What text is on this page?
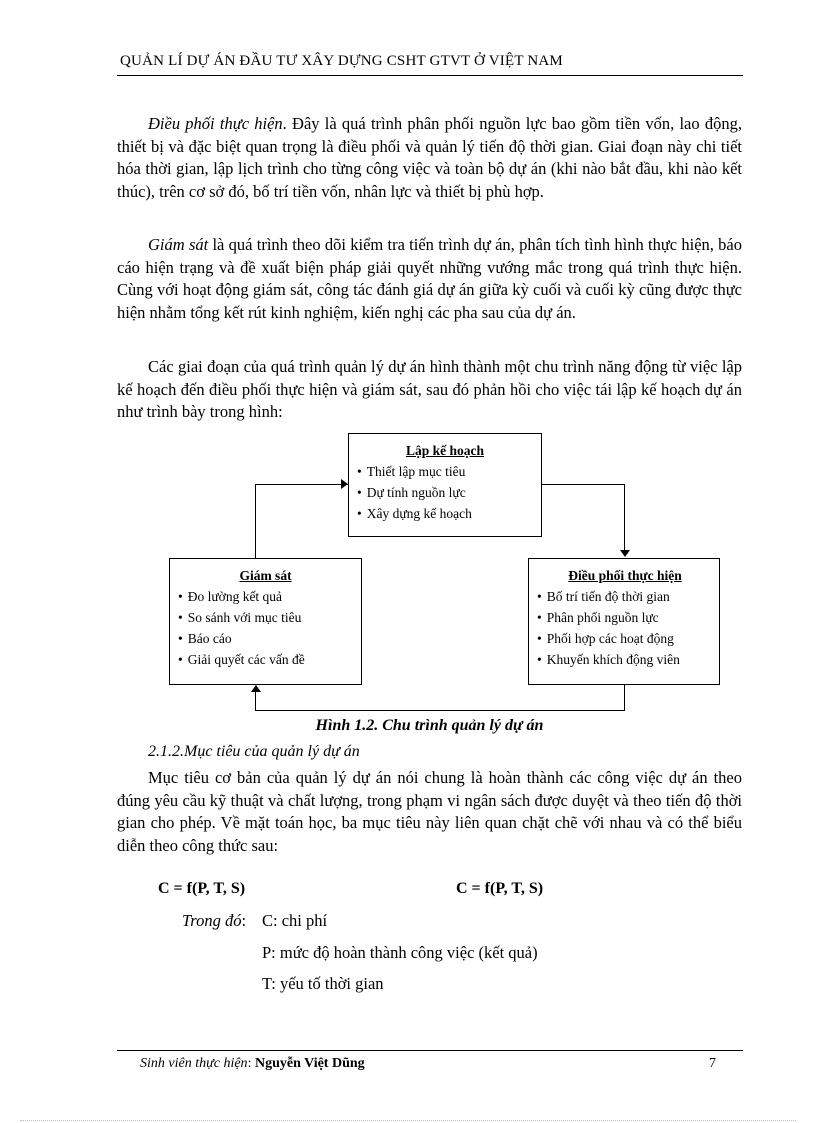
QUẢN LÍ DỰ ÁN ĐẦU TƯ XÂY DỰNG CSHT GTVT Ở VIỆT NAM

Điều phối thực hiện. Đây là quá trình phân phối nguồn lực bao gồm tiền vốn, lao động, thiết bị và đặc biệt quan trọng là điều phối và quản lý tiến độ thời gian. Giai đoạn này chi tiết hóa thời gian, lập lịch trình cho từng công việc và toàn bộ dự án (khi nào bắt đầu, khi nào kết thúc), trên cơ sở đó, bố trí tiền vốn, nhân lực và thiết bị phù hợp.

Giám sát là quá trình theo dõi kiểm tra tiến trình dự án, phân tích tình hình thực hiện, báo cáo hiện trạng và đề xuất biện pháp giải quyết những vướng mắc trong quá trình thực hiện. Cùng với hoạt động giám sát, công tác đánh giá dự án giữa kỳ cuối và cuối kỳ cũng được thực hiện nhằm tổng kết rút kinh nghiệm, kiến nghị các pha sau của dự án.

Các giai đoạn của quá trình quản lý dự án hình thành một chu trình năng động từ việc lập kế hoạch đến điều phối thực hiện và giám sát, sau đó phản hồi cho việc tái lập kế hoạch dự án như trình bày trong hình:

Lập kế hoạch
• Thiết lập mục tiêu
• Dự tính nguồn lực
• Xây dựng kế hoạch
Giám sát
• Đo lường kết quả
• So sánh với mục tiêu
• Báo cáo
• Giải quyết các vấn đề
Điều phối thực hiện
• Bố trí tiến độ thời gian
• Phân phối nguồn lực
• Phối hợp các hoạt động
• Khuyến khích động viên
Hình 1.2. Chu trình quản lý dự án
2.1.2.Mục tiêu của quản lý dự án

Mục tiêu cơ bản của quản lý dự án nói chung là hoàn thành các công việc dự án theo đúng yêu cầu kỹ thuật và chất lượng, trong phạm vi ngân sách được duyệt và theo tiến độ thời gian cho phép. Về mặt toán học, ba mục tiêu này liên quan chặt chẽ với nhau và có thể biểu diễn theo công thức sau:

C = f(P, T, S)	C = f(P, T, S)
Trong đó: C: chi phí
P: mức độ hoàn thành công việc (kết quả)
T: yếu tố thời gian
Sinh viên thực hiện: Nguyễn Việt Dũng	7
